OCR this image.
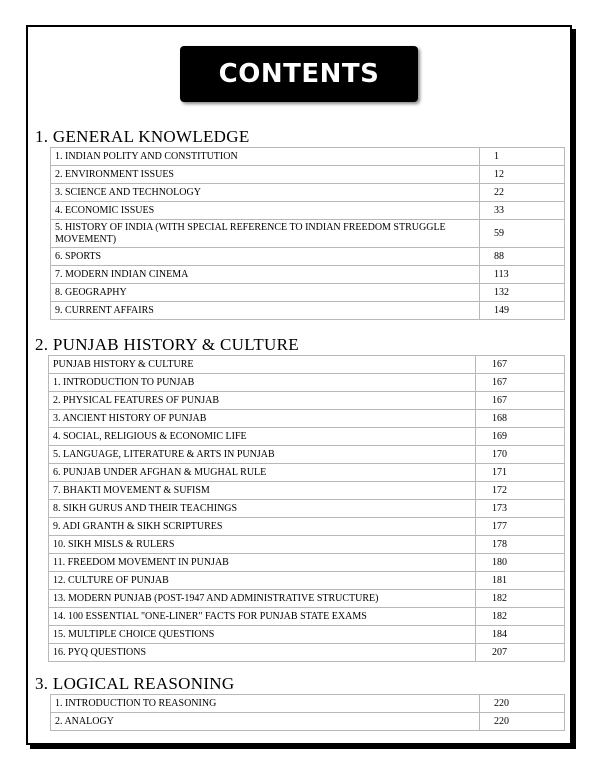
CONTENTS
1. GENERAL KNOWLEDGE
1. INDIAN POLITY AND CONSTITUTION	1
2. ENVIRONMENT ISSUES	12
3. SCIENCE AND TECHNOLOGY	22
4. ECONOMIC ISSUES	33
5. HISTORY OF INDIA (WITH SPECIAL REFERENCE TO INDIAN FREEDOM STRUGGLE MOVEMENT)	59
6. SPORTS	88
7. MODERN INDIAN CINEMA	113
8. GEOGRAPHY	132
9. CURRENT AFFAIRS	149
2. PUNJAB HISTORY & CULTURE
PUNJAB HISTORY & CULTURE	167
1. INTRODUCTION TO PUNJAB	167
2. PHYSICAL FEATURES OF PUNJAB	167
3. ANCIENT HISTORY OF PUNJAB	168
4. SOCIAL, RELIGIOUS & ECONOMIC LIFE	169
5. LANGUAGE, LITERATURE & ARTS IN PUNJAB	170
6. PUNJAB UNDER AFGHAN & MUGHAL RULE	171
7. BHAKTI MOVEMENT & SUFISM	172
8. SIKH GURUS AND THEIR TEACHINGS	173
9. ADI GRANTH & SIKH SCRIPTURES	177
10. SIKH MISLS & RULERS	178
11. FREEDOM MOVEMENT IN PUNJAB	180
12. CULTURE OF PUNJAB	181
13. MODERN PUNJAB (POST-1947 AND ADMINISTRATIVE STRUCTURE)	182
14. 100 ESSENTIAL "ONE-LINER" FACTS FOR PUNJAB STATE EXAMS	182
15. MULTIPLE CHOICE QUESTIONS	184
16. PYQ QUESTIONS	207
3. LOGICAL REASONING
1. INTRODUCTION TO REASONING	220
2. ANALOGY	220
